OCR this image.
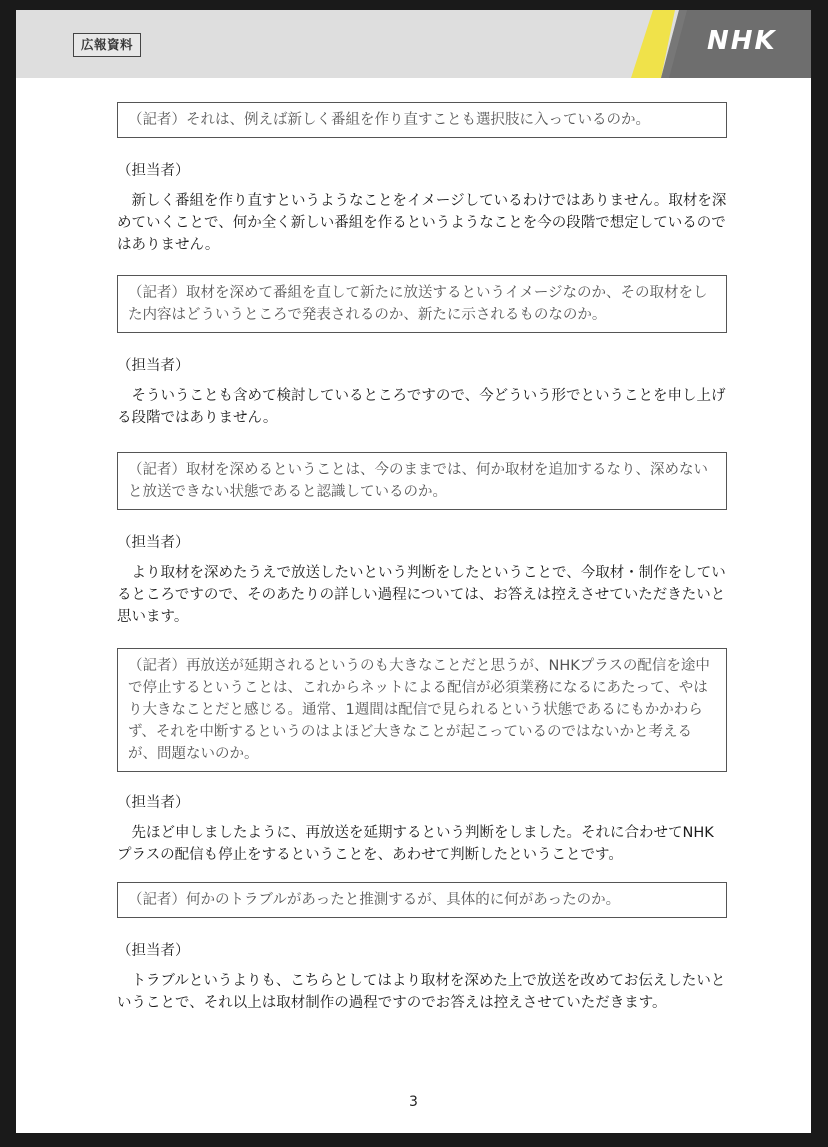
広報資料	NHK
（記者）それは、例えば新しく番組を作り直すことも選択肢に入っているのか。

（担当者）

新しく番組を作り直すというようなことをイメージしているわけではありません。取材を深めていくことで、何か全く新しい番組を作るというようなことを今の段階で想定しているのではありません。

（記者）取材を深めて番組を直して新たに放送するというイメージなのか、その取材をした内容はどういうところで発表されるのか、新たに示されるものなのか。

（担当者）

そういうことも含めて検討しているところですので、今どういう形でということを申し上げる段階ではありません。

（記者）取材を深めるということは、今のままでは、何か取材を追加するなり、深めないと放送できない状態であると認識しているのか。

（担当者）

より取材を深めたうえで放送したいという判断をしたということで、今取材・制作をしているところですので、そのあたりの詳しい過程については、お答えは控えさせていただきたいと思います。

（記者）再放送が延期されるというのも大きなことだと思うが、NHKプラスの配信を途中で停止するということは、これからネットによる配信が必須業務になるにあたって、やはり大きなことだと感じる。通常、1週間は配信で見られるという状態であるにもかかわらず、それを中断するというのはよほど大きなことが起こっているのではないかと考えるが、問題ないのか。

（担当者）

先ほど申しましたように、再放送を延期するという判断をしました。それに合わせてNHKプラスの配信も停止をするということを、あわせて判断したということです。

（記者）何かのトラブルがあったと推測するが、具体的に何があったのか。

（担当者）

トラブルというよりも、こちらとしてはより取材を深めた上で放送を改めてお伝えしたいということで、それ以上は取材制作の過程ですのでお答えは控えさせていただきます。

3
